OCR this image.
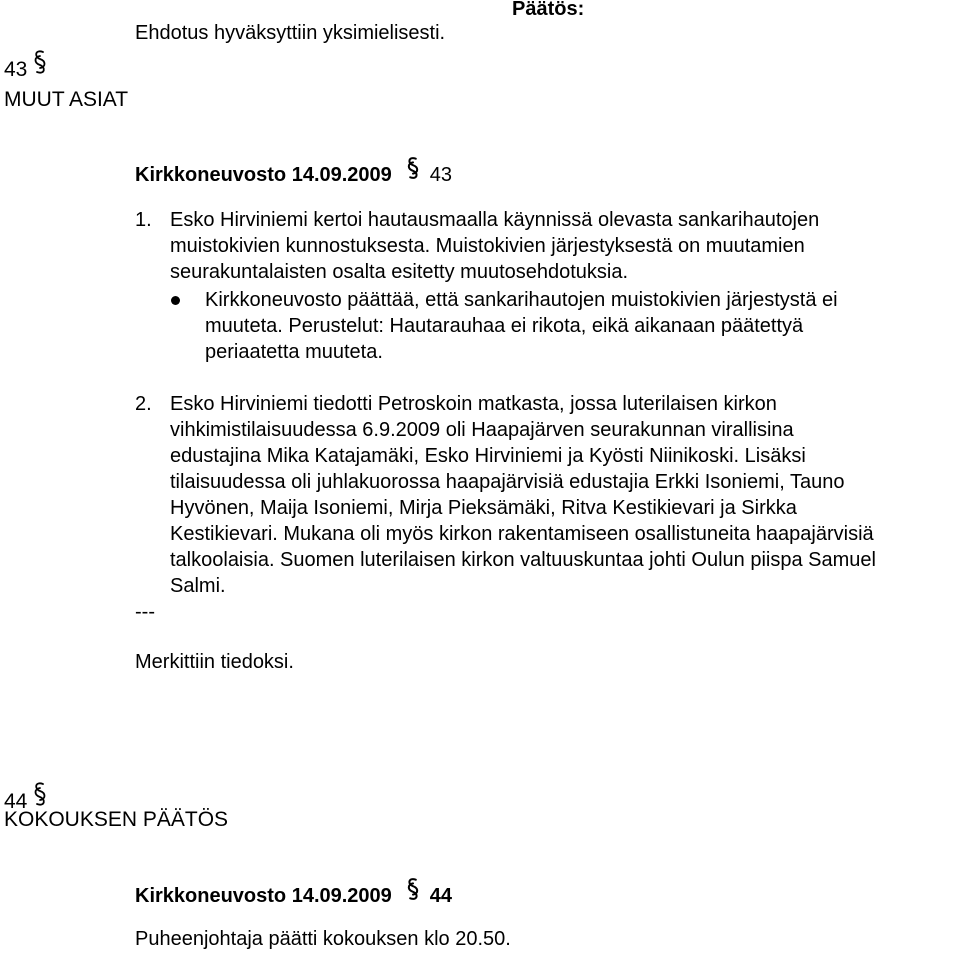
43
MUUT ASIAT
Ehdotus hyväksyttiin yksimielisesti.
Päätös:
Kirkkoneuvosto 14.09.2009 43
1. Esko Hirviniemi kertoi hautausmaalla käynnissä olevasta sankarihautojen
muistokivien kunnostuksesta. Muistokivien järjestyksestä on muutamien
seurakuntalaisten osalta esitetty muutosehdotuksia.
Kirkkoneuvosto päättää, että sankarihautojen muistokivien järjestystä ei
muuteta. Perustelut: Hautarauhaa ei rikota, eikä aikanaan päätettyä
periaatetta muuteta.
2. Esko Hirviniemi tiedotti Petroskoin matkasta, jossa luterilaisen kirkon
vihkimistilaisuudessa 6.9.2009 oli Haapajärven seurakunnan virallisina
edustajina Mika Katajamäki, Esko Hirviniemi ja Kyösti Niinikoski. Lisäksi
tilaisuudessa oli juhlakuorossa haapajärvisiä edustajia Erkki Isoniemi, Tauno
Hyvönen, Maija Isoniemi, Mirja Pieksämäki, Ritva Kestikievari ja Sirkka
Kestikievari. Mukana oli myös kirkon rakentamiseen osallistuneita haapajärvisiä
talkoolaisia. Suomen luterilaisen kirkon valtuuskuntaa johti Oulun piispa Samuel
Salmi.
---
Merkittiin tiedoksi.
44
KOKOUKSEN PÄÄTÖS
Kirkkoneuvosto 14.09.2009 44
Puheenjohtaja päätti kokouksen klo 20.50.
